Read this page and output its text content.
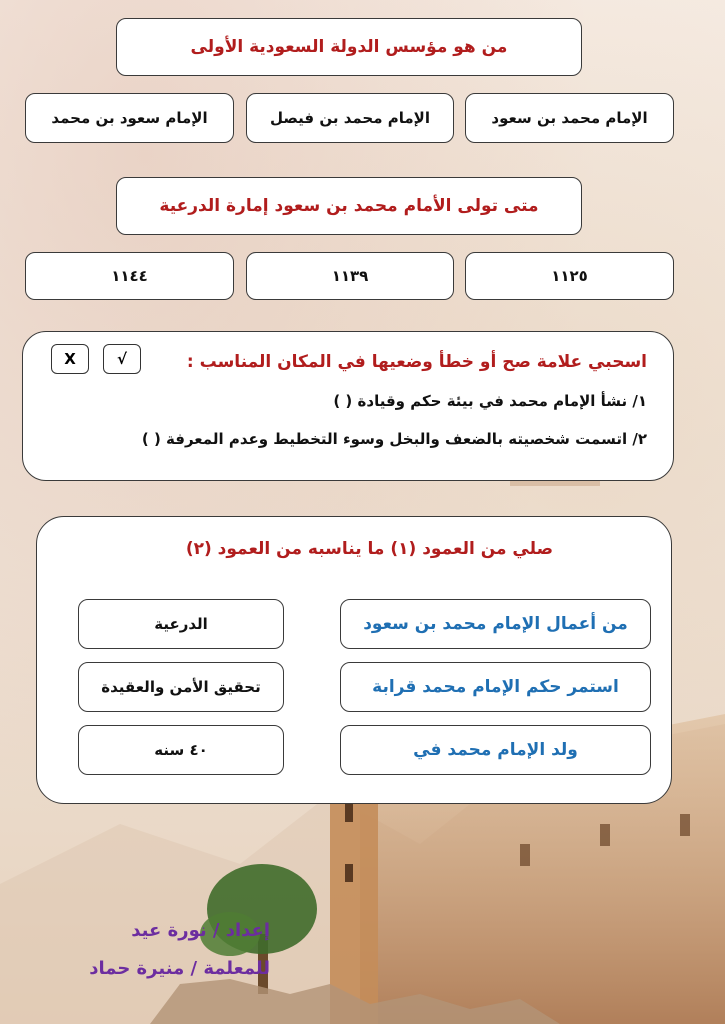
من هو مؤسس الدولة السعودية الأولى
الإمام محمد بن سعود
الإمام محمد بن فيصل
الإمام سعود بن محمد
متى تولى الأمام محمد بن سعود إمارة الدرعية
١١٢٥
١١٣٩
١١٤٤
اسحبي علامة صح أو خطأ وضعيها في المكان المناسب :
√
X
١/ نشأ الإمام محمد في بيئة حكم وقيادة ( )
٢/ اتسمت شخصيته بالضعف والبخل وسوء التخطيط وعدم المعرفة ( )
صلي من العمود (١) ما يناسبه من العمود (٢)
من أعمال الإمام محمد بن سعود
استمر حكم الإمام محمد قرابة
ولد الإمام محمد في
الدرعية
تحقيق الأمن والعقيدة
٤٠ سنه
إعداد / نورة عيد
للمعلمة / منيرة حماد
